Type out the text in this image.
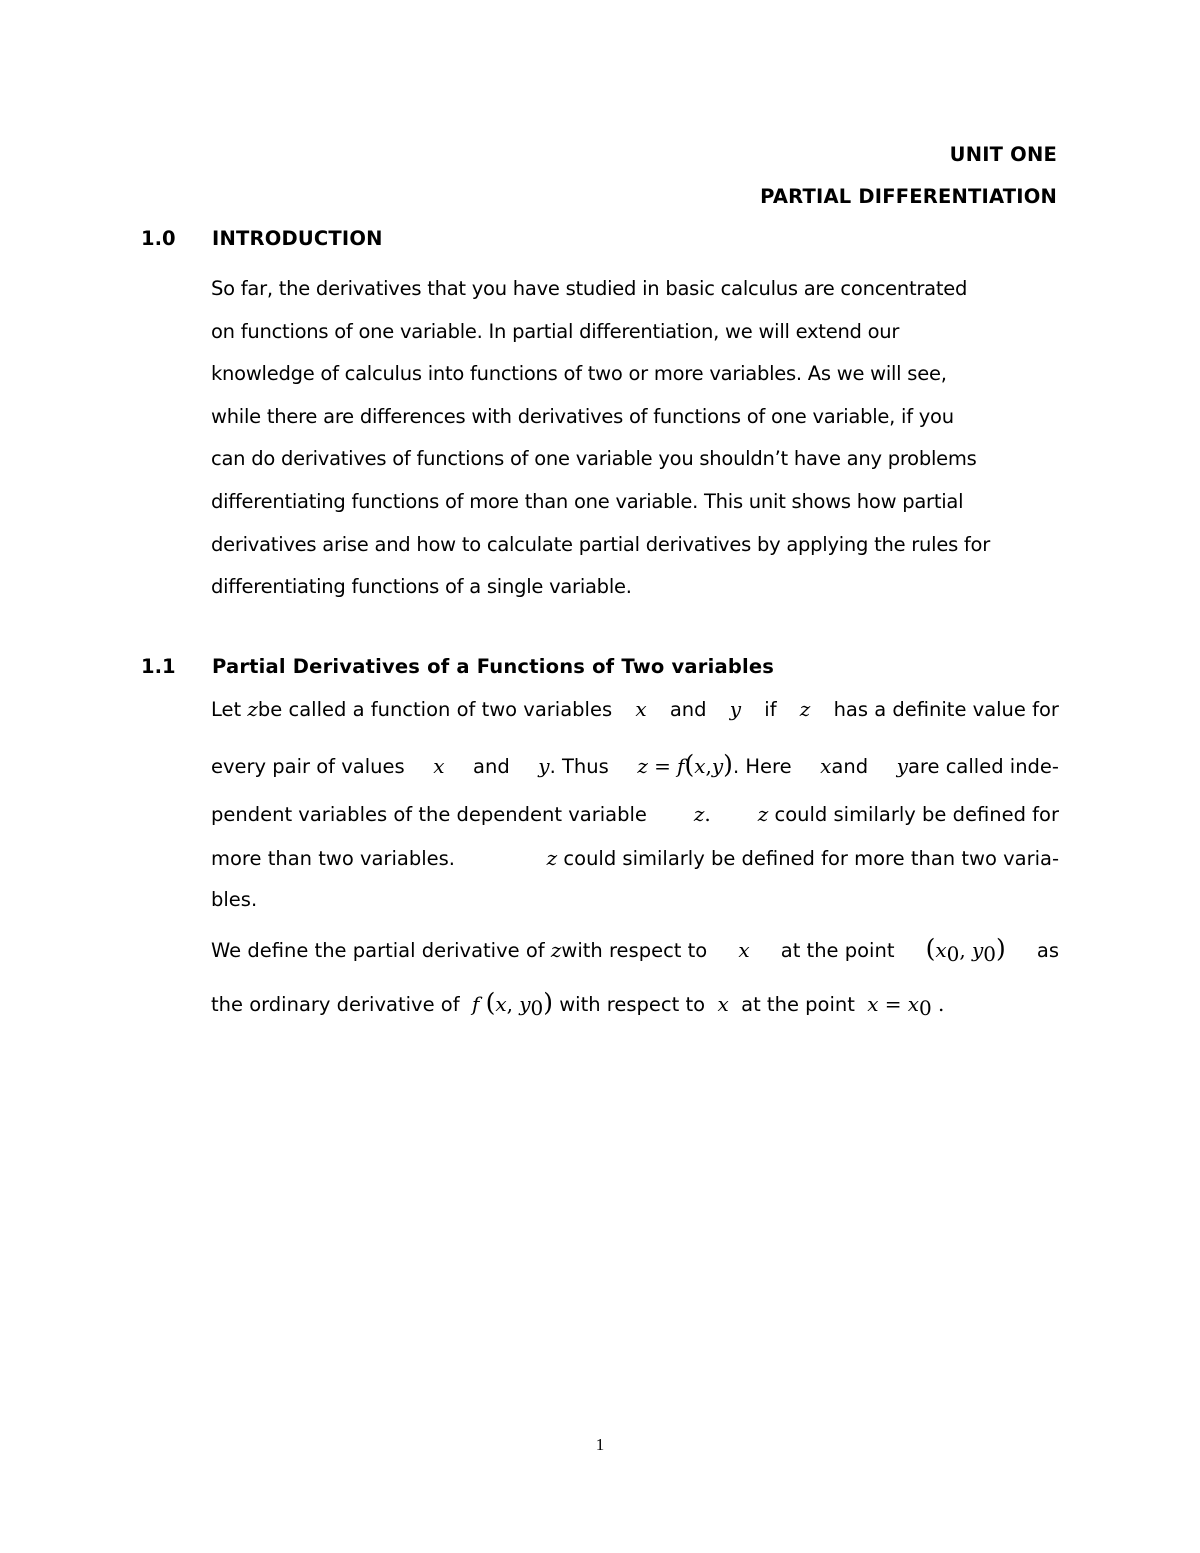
UNIT ONE
PARTIAL DIFFERENTIATION
1.0 INTRODUCTION

So far, the derivatives that you have studied in basic calculus are concentrated

on functions of one variable. In partial differentiation, we will extend our

knowledge of calculus into functions of two or more variables. As we will see,

while there are differences with derivatives of functions of one variable, if you

can do derivatives of functions of one variable you shouldn’t have any problems

differentiating functions of more than one variable. This unit shows how partial

derivatives arise and how to calculate partial derivatives by applying the rules for

differentiating functions of a single variable.

1.1 Partial Derivatives of a Functions of Two variables
Let zbe called a function of two variables x and y if z has a definite value for
every pair of values x and y. Thus z = f(x,y). Here xand yare called inde-
pendent variables of the dependent variable z. z could similarly be defined for
more than two variables.	z could similarly be defined for more than two varia-
bles.
We define the partial derivative of zwith respect to x at the point ($x_0$, $y_0$) as
the ordinary derivative of f (x, $y_0$) with respect to x at the point $x = x_0$ .
1
